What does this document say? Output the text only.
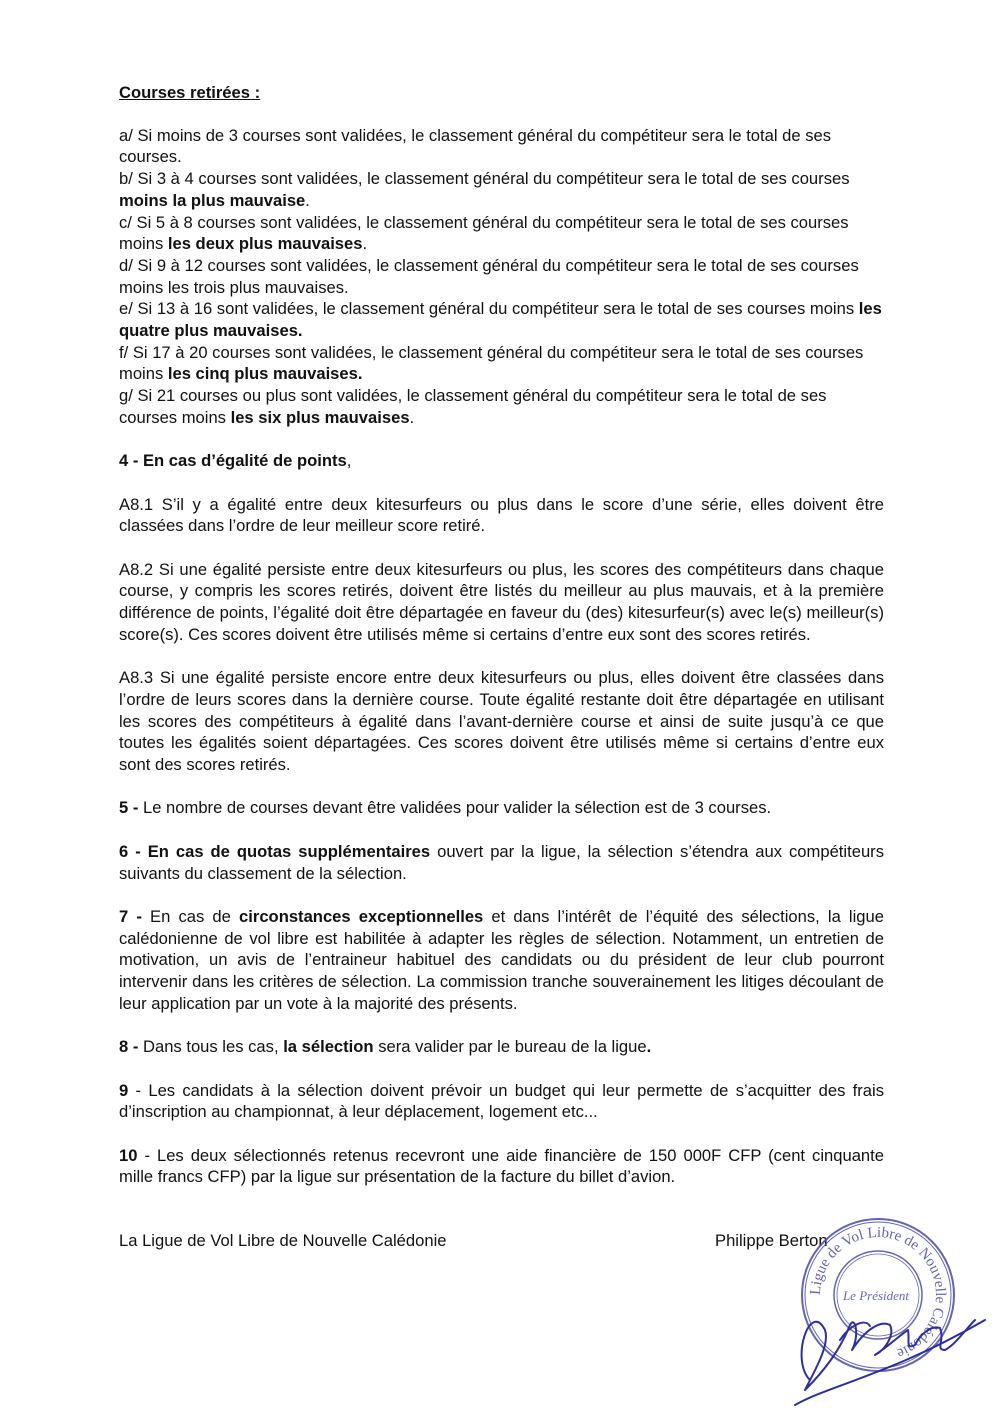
Courses retirées :

a/ Si moins de 3 courses sont validées, le classement général du compétiteur sera le total de ses courses.

b/ Si 3 à 4 courses sont validées, le classement général du compétiteur sera le total de ses courses moins la plus mauvaise.

c/ Si 5 à 8 courses sont validées, le classement général du compétiteur sera le total de ses courses moins les deux plus mauvaises.

d/ Si 9 à 12 courses sont validées, le classement général du compétiteur sera le total de ses courses moins les trois plus mauvaises.

e/ Si 13 à 16 sont validées, le classement général du compétiteur sera le total de ses courses moins les quatre plus mauvaises.

f/ Si 17 à 20 courses sont validées, le classement général du compétiteur sera le total de ses courses moins les cinq plus mauvaises.

g/ Si 21 courses ou plus sont validées, le classement général du compétiteur sera le total de ses courses moins les six plus mauvaises.

4 - En cas d’égalité de points,

A8.1 S’il y a égalité entre deux kitesurfeurs ou plus dans le score d’une série, elles doivent être classées dans l’ordre de leur meilleur score retiré.

A8.2 Si une égalité persiste entre deux kitesurfeurs ou plus, les scores des compétiteurs dans chaque course, y compris les scores retirés, doivent être listés du meilleur au plus mauvais, et à la première différence de points, l’égalité doit être départagée en faveur du (des) kitesurfeur(s) avec le(s) meilleur(s) score(s). Ces scores doivent être utilisés même si certains d’entre eux sont des scores retirés.

A8.3 Si une égalité persiste encore entre deux kitesurfeurs ou plus, elles doivent être classées dans l’ordre de leurs scores dans la dernière course. Toute égalité restante doit être départagée en utilisant les scores des compétiteurs à égalité dans l’avant-dernière course et ainsi de suite jusqu’à ce que toutes les égalités soient départagées. Ces scores doivent être utilisés même si certains d’entre eux sont des scores retirés.

5 - Le nombre de courses devant être validées pour valider la sélection est de 3 courses.

6 - En cas de quotas supplémentaires ouvert par la ligue, la sélection s’étendra aux compétiteurs suivants du classement de la sélection.

7 - En cas de circonstances exceptionnelles et dans l’intérêt de l’équité des sélections, la ligue calédonienne de vol libre est habilitée à adapter les règles de sélection. Notamment, un entretien de motivation, un avis de l’entraineur habituel des candidats ou du président de leur club pourront intervenir dans les critères de sélection. La commission tranche souverainement les litiges découlant de leur application par un vote à la majorité des présents.

8 - Dans tous les cas, la sélection sera valider par le bureau de la ligue.

9 - Les candidats à la sélection doivent prévoir un budget qui leur permette de s’acquitter des frais d’inscription au championnat, à leur déplacement, logement etc...

10 - Les deux sélectionnés retenus recevront une aide financière de 150 000F CFP (cent cinquante mille francs CFP) par la ligue sur présentation de la facture du billet d’avion.

La Ligue de Vol Libre de Nouvelle Calédonie	Philippe Berton
Ligue de Vol Libre de Nouvelle Calédonie
Le Président
